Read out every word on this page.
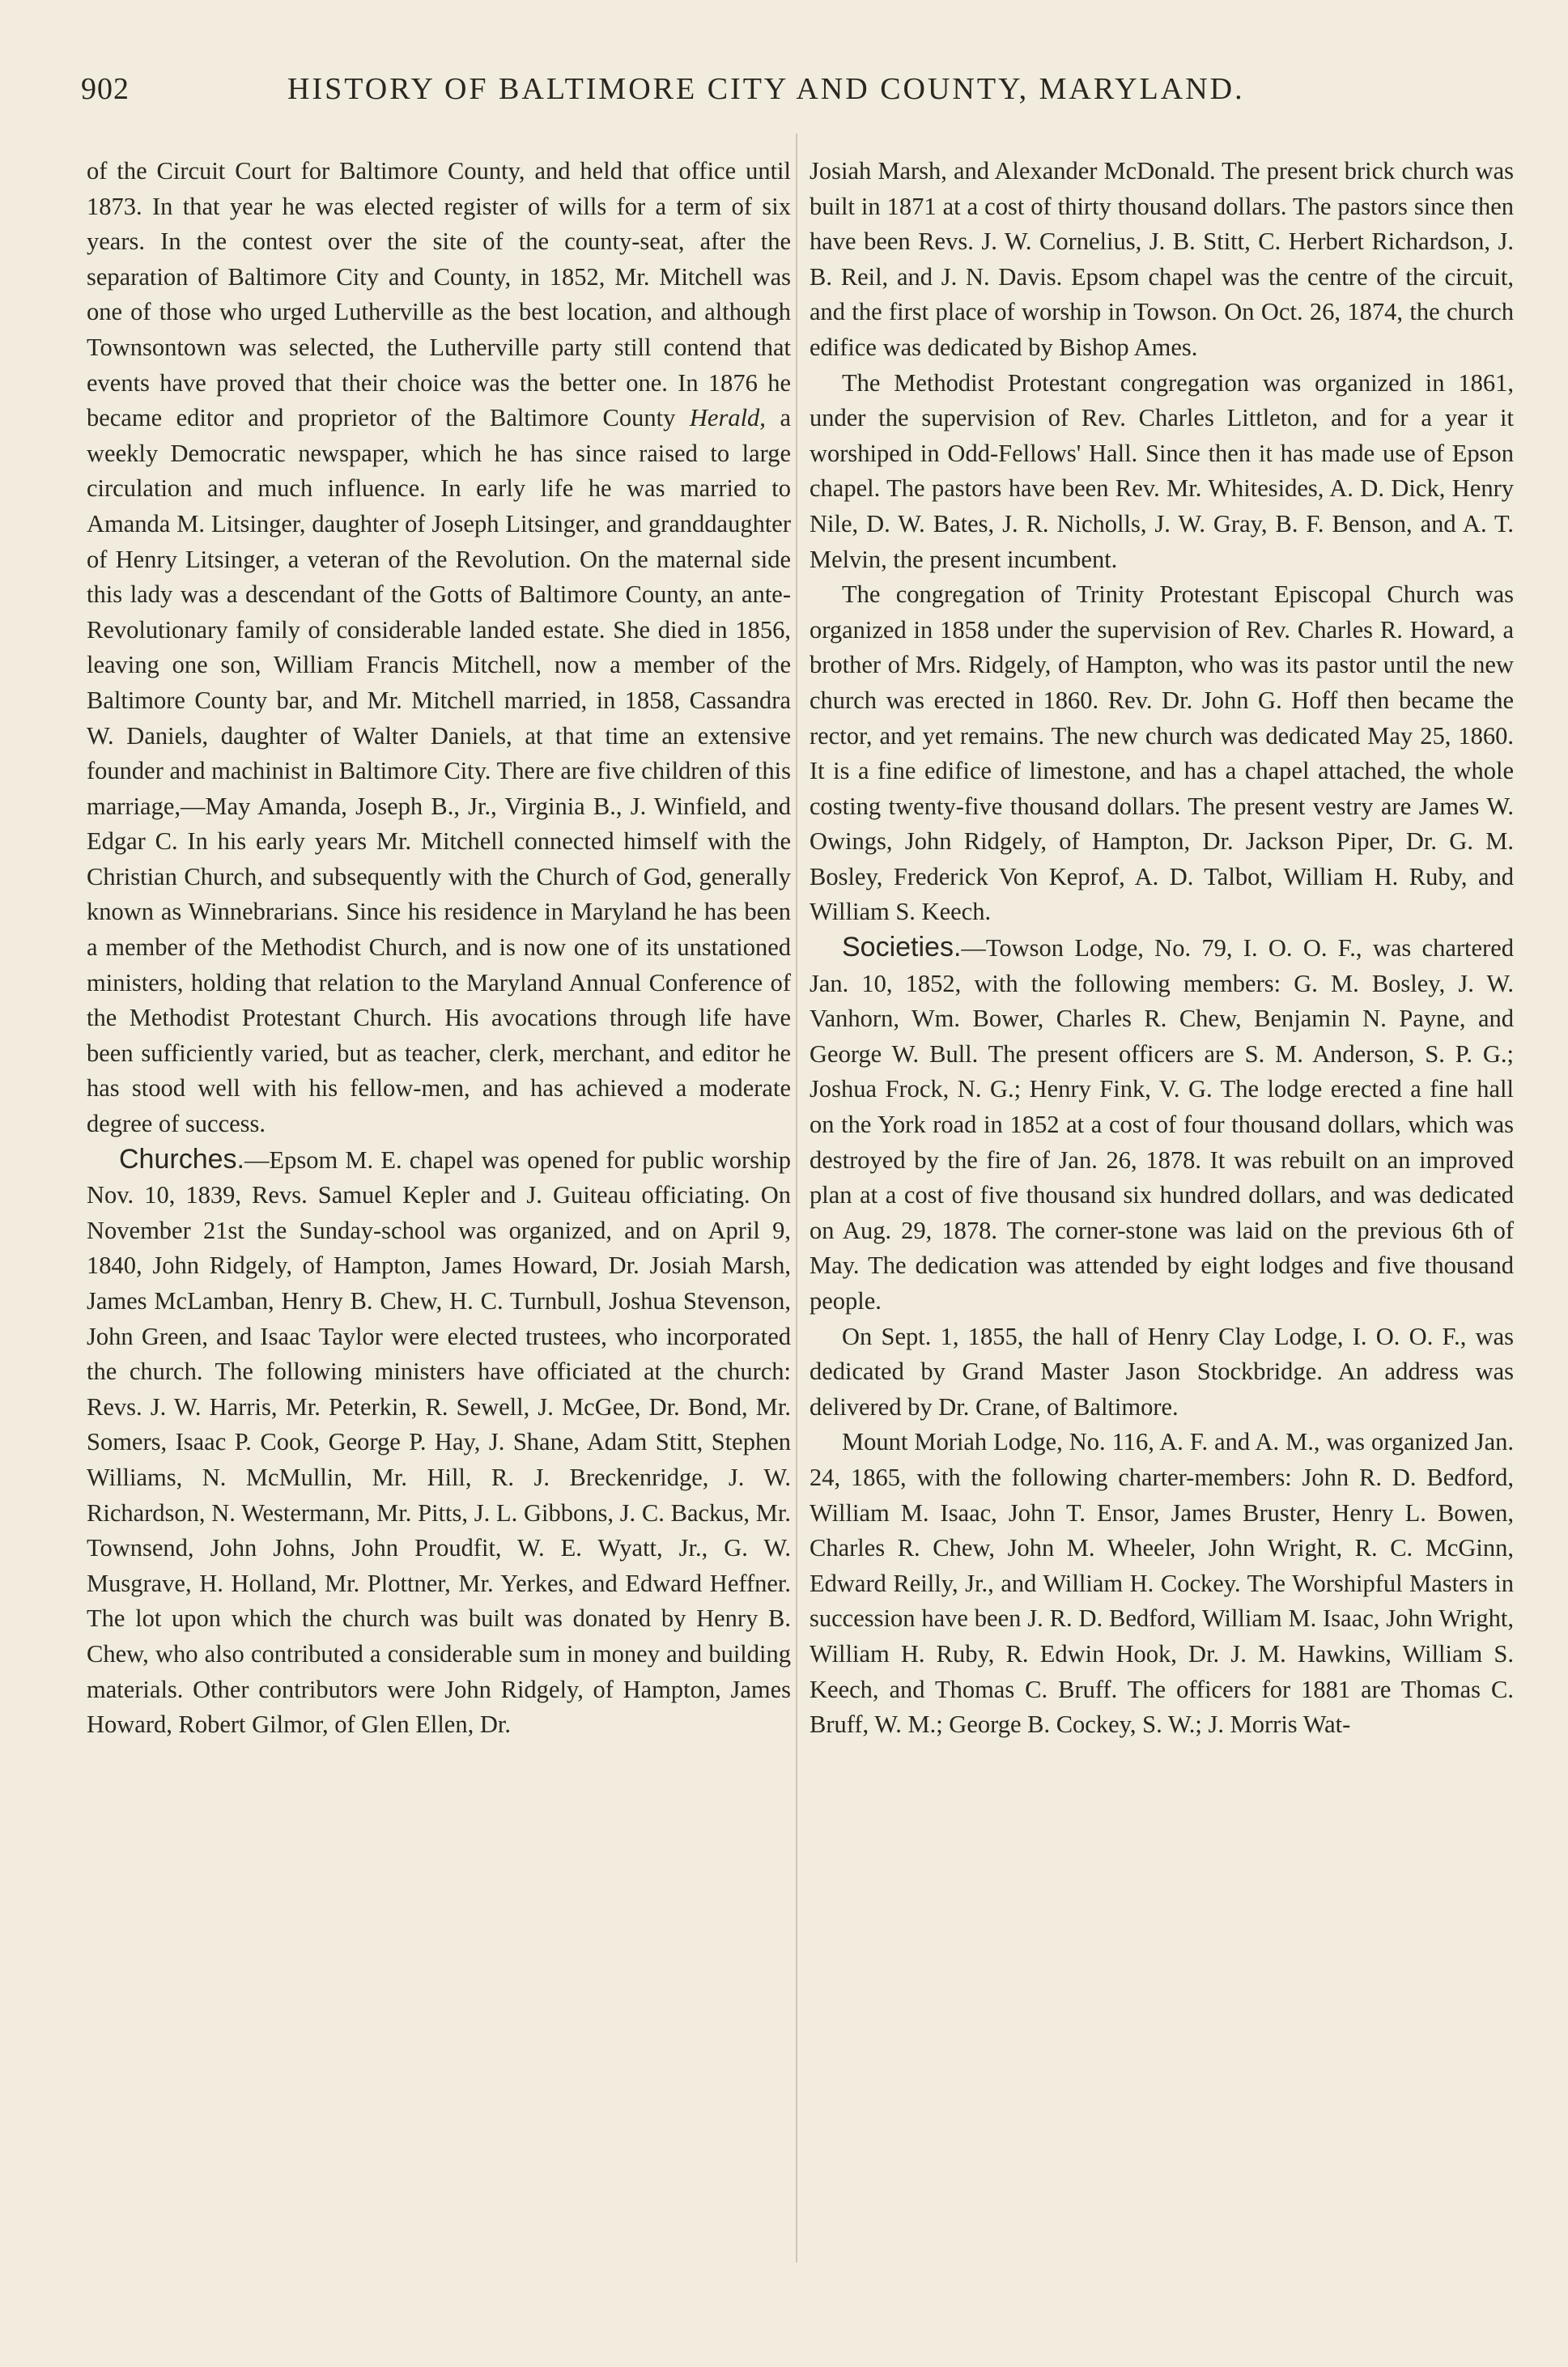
902	HISTORY OF BALTIMORE CITY AND COUNTY, MARYLAND.

of the Circuit Court for Baltimore County, and held that office until 1873. In that year he was elected register of wills for a term of six years. In the contest over the site of the county-seat, after the separation of Baltimore City and County, in 1852, Mr. Mitchell was one of those who urged Lutherville as the best location, and although Townsontown was selected, the Lutherville party still contend that events have proved that their choice was the better one. In 1876 he became editor and proprietor of the Baltimore County Herald, a weekly Democratic newspaper, which he has since raised to large circulation and much influence. In early life he was married to Amanda M. Litsinger, daughter of Joseph Litsinger, and granddaughter of Henry Litsinger, a veteran of the Revolution. On the maternal side this lady was a descendant of the Gotts of Baltimore County, an ante-Revolutionary family of considerable landed estate. She died in 1856, leaving one son, William Francis Mitchell, now a member of the Baltimore County bar, and Mr. Mitchell married, in 1858, Cassandra W. Daniels, daughter of Walter Daniels, at that time an extensive founder and machinist in Baltimore City. There are five children of this marriage,—May Amanda, Joseph B., Jr., Virginia B., J. Winfield, and Edgar C. In his early years Mr. Mitchell connected himself with the Christian Church, and subsequently with the Church of God, generally known as Winnebrarians. Since his residence in Maryland he has been a member of the Methodist Church, and is now one of its unstationed ministers, holding that relation to the Maryland Annual Conference of the Methodist Protestant Church. His avocations through life have been sufficiently varied, but as teacher, clerk, merchant, and editor he has stood well with his fellow-men, and has achieved a moderate degree of success.

Churches.—Epsom M. E. chapel was opened for public worship Nov. 10, 1839, Revs. Samuel Kepler and J. Guiteau officiating. On November 21st the Sunday-school was organized, and on April 9, 1840, John Ridgely, of Hampton, James Howard, Dr. Josiah Marsh, James McLamban, Henry B. Chew, H. C. Turnbull, Joshua Stevenson, John Green, and Isaac Taylor were elected trustees, who incorporated the church. The following ministers have officiated at the church: Revs. J. W. Harris, Mr. Peterkin, R. Sewell, J. McGee, Dr. Bond, Mr. Somers, Isaac P. Cook, George P. Hay, J. Shane, Adam Stitt, Stephen Williams, N. McMullin, Mr. Hill, R. J. Breckenridge, J. W. Richardson, N. Westermann, Mr. Pitts, J. L. Gibbons, J. C. Backus, Mr. Townsend, John Johns, John Proudfit, W. E. Wyatt, Jr., G. W. Musgrave, H. Holland, Mr. Plottner, Mr. Yerkes, and Edward Heffner. The lot upon which the church was built was donated by Henry B. Chew, who also contributed a considerable sum in money and building materials. Other contributors were John Ridgely, of Hampton, James Howard, Robert Gilmor, of Glen Ellen, Dr.

Josiah Marsh, and Alexander McDonald. The present brick church was built in 1871 at a cost of thirty thousand dollars. The pastors since then have been Revs. J. W. Cornelius, J. B. Stitt, C. Herbert Richardson, J. B. Reil, and J. N. Davis. Epsom chapel was the centre of the circuit, and the first place of worship in Towson. On Oct. 26, 1874, the church edifice was dedicated by Bishop Ames.

The Methodist Protestant congregation was organized in 1861, under the supervision of Rev. Charles Littleton, and for a year it worshiped in Odd-Fellows' Hall. Since then it has made use of Epson chapel. The pastors have been Rev. Mr. Whitesides, A. D. Dick, Henry Nile, D. W. Bates, J. R. Nicholls, J. W. Gray, B. F. Benson, and A. T. Melvin, the present incumbent.

The congregation of Trinity Protestant Episcopal Church was organized in 1858 under the supervision of Rev. Charles R. Howard, a brother of Mrs. Ridgely, of Hampton, who was its pastor until the new church was erected in 1860. Rev. Dr. John G. Hoff then became the rector, and yet remains. The new church was dedicated May 25, 1860. It is a fine edifice of limestone, and has a chapel attached, the whole costing twenty-five thousand dollars. The present vestry are James W. Owings, John Ridgely, of Hampton, Dr. Jackson Piper, Dr. G. M. Bosley, Frederick Von Keprof, A. D. Talbot, William H. Ruby, and William S. Keech.

Societies.—Towson Lodge, No. 79, I. O. O. F., was chartered Jan. 10, 1852, with the following members: G. M. Bosley, J. W. Vanhorn, Wm. Bower, Charles R. Chew, Benjamin N. Payne, and George W. Bull. The present officers are S. M. Anderson, S. P. G.; Joshua Frock, N. G.; Henry Fink, V. G. The lodge erected a fine hall on the York road in 1852 at a cost of four thousand dollars, which was destroyed by the fire of Jan. 26, 1878. It was rebuilt on an improved plan at a cost of five thousand six hundred dollars, and was dedicated on Aug. 29, 1878. The corner-stone was laid on the previous 6th of May. The dedication was attended by eight lodges and five thousand people.

On Sept. 1, 1855, the hall of Henry Clay Lodge, I. O. O. F., was dedicated by Grand Master Jason Stockbridge. An address was delivered by Dr. Crane, of Baltimore.

Mount Moriah Lodge, No. 116, A. F. and A. M., was organized Jan. 24, 1865, with the following charter-members: John R. D. Bedford, William M. Isaac, John T. Ensor, James Bruster, Henry L. Bowen, Charles R. Chew, John M. Wheeler, John Wright, R. C. McGinn, Edward Reilly, Jr., and William H. Cockey. The Worshipful Masters in succession have been J. R. D. Bedford, William M. Isaac, John Wright, William H. Ruby, R. Edwin Hook, Dr. J. M. Hawkins, William S. Keech, and Thomas C. Bruff. The officers for 1881 are Thomas C. Bruff, W. M.; George B. Cockey, S. W.; J. Morris Wat-
